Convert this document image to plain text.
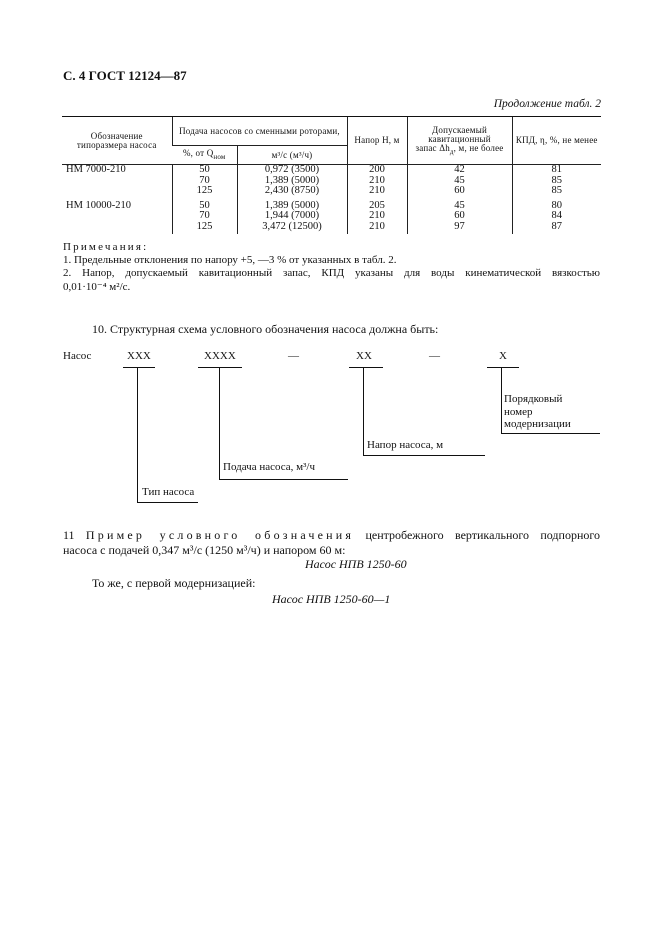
С. 4 ГОСТ 12124—87
Продолжение табл. 2
Обозначение типоразмера насоса	Подача насосов со сменными роторами,		Напор H, м	Допускаемый кавитационный
запас $\Delta h_д$, м, не более	КПД, η, %, не менее
	%, от $Q_{ном}$	м³/с (м³/ч)			
НМ 7000-210	50	0,972 (3500)	200	42	81
	70	1,389 (5000)	210	45	85
	125	2,430 (8750)	210	60	85
НМ 10000-210	50	1,389 (5000)	205	45	80
	70	1,944 (7000)	210	60	84
	125	3,472 (12500)	210	97	87
Примечания:
1. Предельные отклонения по напору +5, —3 % от указанных в табл. 2.
2. Напор, допускаемый кавитационный запас, КПД указаны для воды кинематической вязкостью
0,01·10⁻⁴ м²/с.
10. Структурная схема условного обозначения насоса должна быть:
Насос	XXX	XXXX	—	XX	—	X
Порядковый
номер
модернизации
Напор насоса, м
Подача насоса, м³/ч
Тип насоса
11 Пример условного обозначения центробежного вертикального подпорного
насоса с подачей 0,347 м³/с (1250 м³/ч) и напором 60 м:
Насос НПВ 1250-60
То же, с первой модернизацией:
Насос НПВ 1250-60—1
